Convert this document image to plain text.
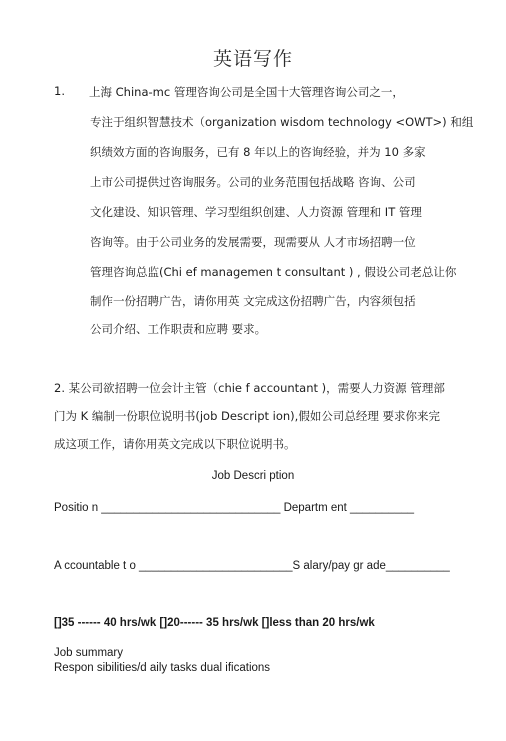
英语写作
1. 上海 China-mc 管理咨询公司是全国十大管理咨询公司之一，
专注于组织智慧技术（organization wisdom technology <OWT>) 和组
织绩效方面的咨询服务，已有 8 年以上的咨询经验，并为 10 多家
上市公司提供过咨询服务。公司的业务范围包括战略 咨询、公司
文化建设、知识管理、学习型组织创建、人力资源 管理和 IT 管理
咨询等。由于公司业务的发展需要，现需要从 人才市场招聘一位
管理咨询总监(Chi ef managemen t consultant ) , 假设公司老总让你
制作一份招聘广告，请你用英 文完成这份招聘广告，内容须包括
公司介绍、工作职责和应聘 要求。
2. 某公司欲招聘一位会计主管（chie f accountant )，需要人力资源 管理部
门为 K 编制一份职位说明书(job Descript ion),假如公司总经理 要求你来完
成这项工作，请你用英文完成以下职位说明书。
Job Descri ption
Positio n ____________________________ Departm ent __________
A ccountable t o ________________________S alary/pay gr ade__________
[]35 ------ 40 hrs/wk []20------ 35 hrs/wk []less than 20 hrs/wk
Job summary
Respon sibilities/d aily tasks dual ifications
